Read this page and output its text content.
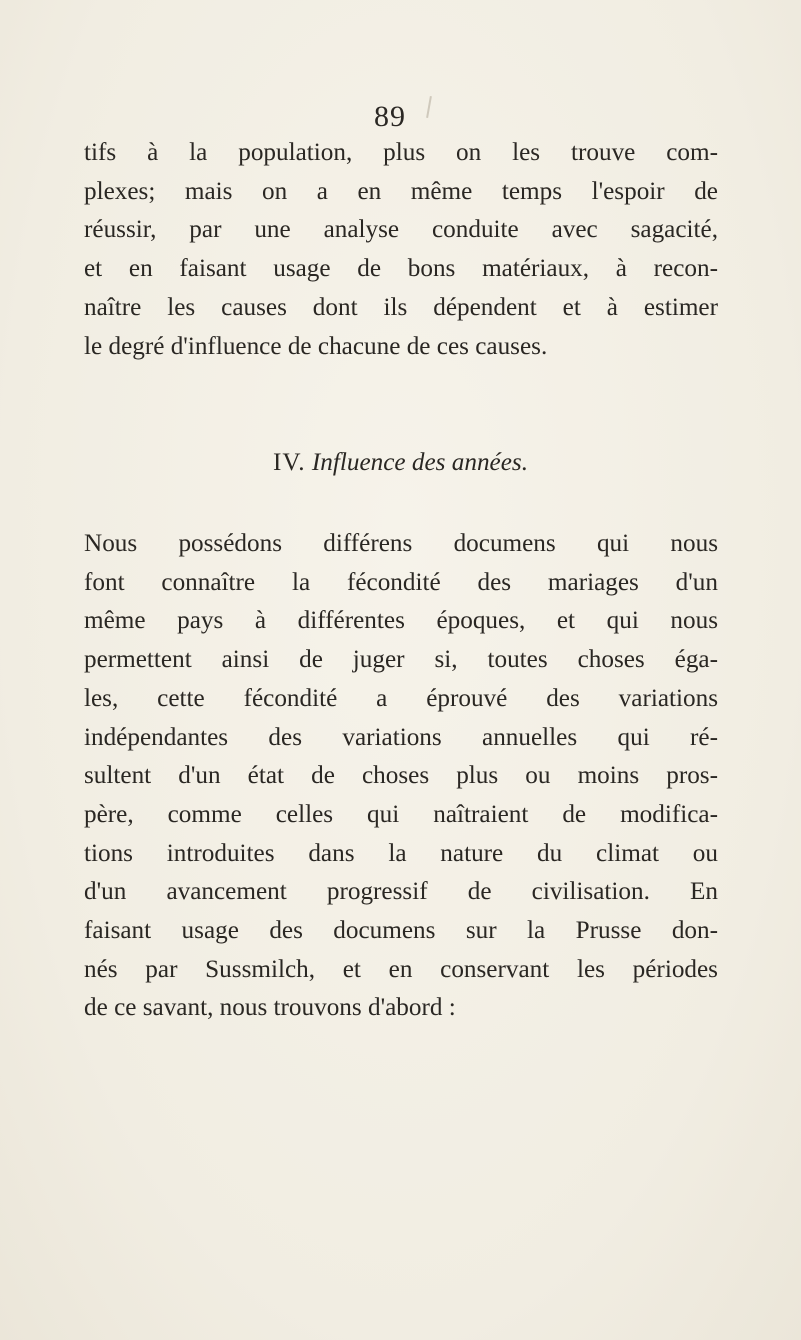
89
tifs à la population, plus on les trouve com-
plexes; mais on a en même temps l'espoir de
réussir, par une analyse conduite avec sagacité,
et en faisant usage de bons matériaux, à recon-
naître les causes dont ils dépendent et à estimer
le degré d'influence de chacune de ces causes.
IV. Influence des années.
Nous possédons différens documens qui nous
font connaître la fécondité des mariages d'un
même pays à différentes époques, et qui nous
permettent ainsi de juger si, toutes choses éga-
les, cette fécondité a éprouvé des variations
indépendantes des variations annuelles qui ré-
sultent d'un état de choses plus ou moins pros-
père, comme celles qui naîtraient de modifica-
tions introduites dans la nature du climat ou
d'un avancement progressif de civilisation. En
faisant usage des documens sur la Prusse don-
nés par Sussmilch, et en conservant les périodes
de ce savant, nous trouvons d'abord :
